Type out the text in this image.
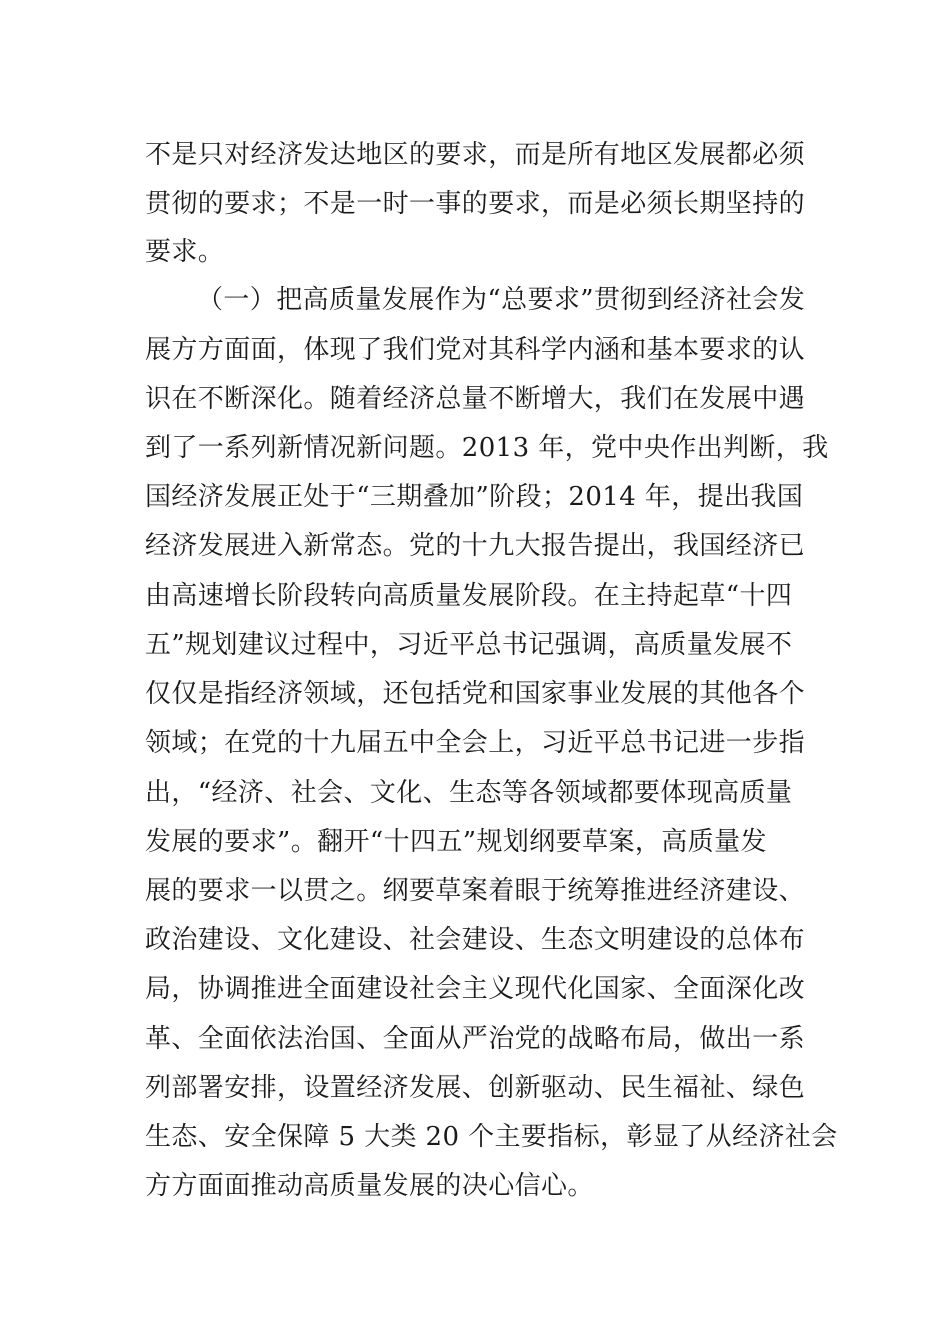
不是只对经济发达地区的要求，而是所有地区发展都必须
贯彻的要求；不是一时一事的要求，而是必须长期坚持的
要求。
（一）把高质量发展作为“总要求”贯彻到经济社会发
展方方面面，体现了我们党对其科学内涵和基本要求的认
识在不断深化。随着经济总量不断增大，我们在发展中遇
到了一系列新情况新问题。2013 年，党中央作出判断，我
国经济发展正处于“三期叠加”阶段；2014 年，提出我国
经济发展进入新常态。党的十九大报告提出，我国经济已
由高速增长阶段转向高质量发展阶段。在主持起草“十四
五”规划建议过程中，习近平总书记强调，高质量发展不
仅仅是指经济领域，还包括党和国家事业发展的其他各个
领域；在党的十九届五中全会上，习近平总书记进一步指
出，“经济、社会、文化、生态等各领域都要体现高质量
发展的要求”。翻开“十四五”规划纲要草案，高质量发
展的要求一以贯之。纲要草案着眼于统筹推进经济建设、
政治建设、文化建设、社会建设、生态文明建设的总体布
局，协调推进全面建设社会主义现代化国家、全面深化改
革、全面依法治国、全面从严治党的战略布局，做出一系
列部署安排，设置经济发展、创新驱动、民生福祉、绿色
生态、安全保障 5 大类 20 个主要指标，彰显了从经济社会
方方面面推动高质量发展的决心信心。
